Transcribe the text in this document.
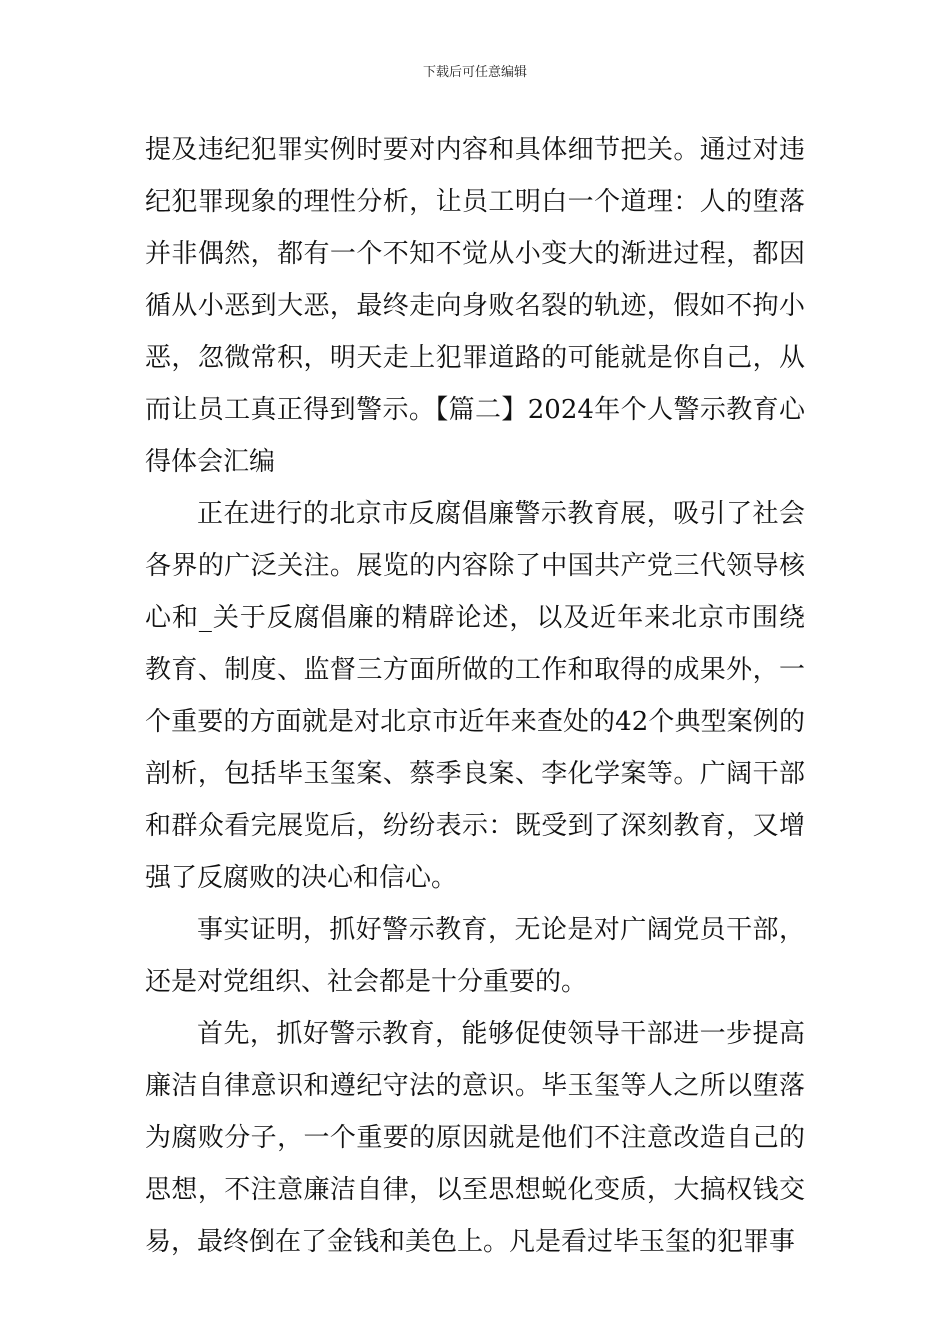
下载后可任意编辑

提及违纪犯罪实例时要对内容和具体细节把关。通过对违纪犯罪现象的理性分析，让员工明白一个道理：人的堕落并非偶然，都有一个不知不觉从小变大的渐进过程，都因循从小恶到大恶，最终走向身败名裂的轨迹，假如不拘小恶，忽微常积，明天走上犯罪道路的可能就是你自己，从而让员工真正得到警示。【篇二】2024年个人警示教育心得体会汇编

正在进行的北京市反腐倡廉警示教育展，吸引了社会各界的广泛关注。展览的内容除了中国共产党三代领导核心和_关于反腐倡廉的精辟论述，以及近年来北京市围绕教育、制度、监督三方面所做的工作和取得的成果外，一个重要的方面就是对北京市近年来查处的42个典型案例的剖析，包括毕玉玺案、蔡季良案、李化学案等。广阔干部和群众看完展览后，纷纷表示：既受到了深刻教育，又增强了反腐败的决心和信心。

事实证明，抓好警示教育，无论是对广阔党员干部，还是对党组织、社会都是十分重要的。

首先，抓好警示教育，能够促使领导干部进一步提高廉洁自律意识和遵纪守法的意识。毕玉玺等人之所以堕落为腐败分子，一个重要的原因就是他们不注意改造自己的思想，不注意廉洁自律，以至思想蜕化变质，大搞权钱交易，最终倒在了金钱和美色上。凡是看过毕玉玺的犯罪事
